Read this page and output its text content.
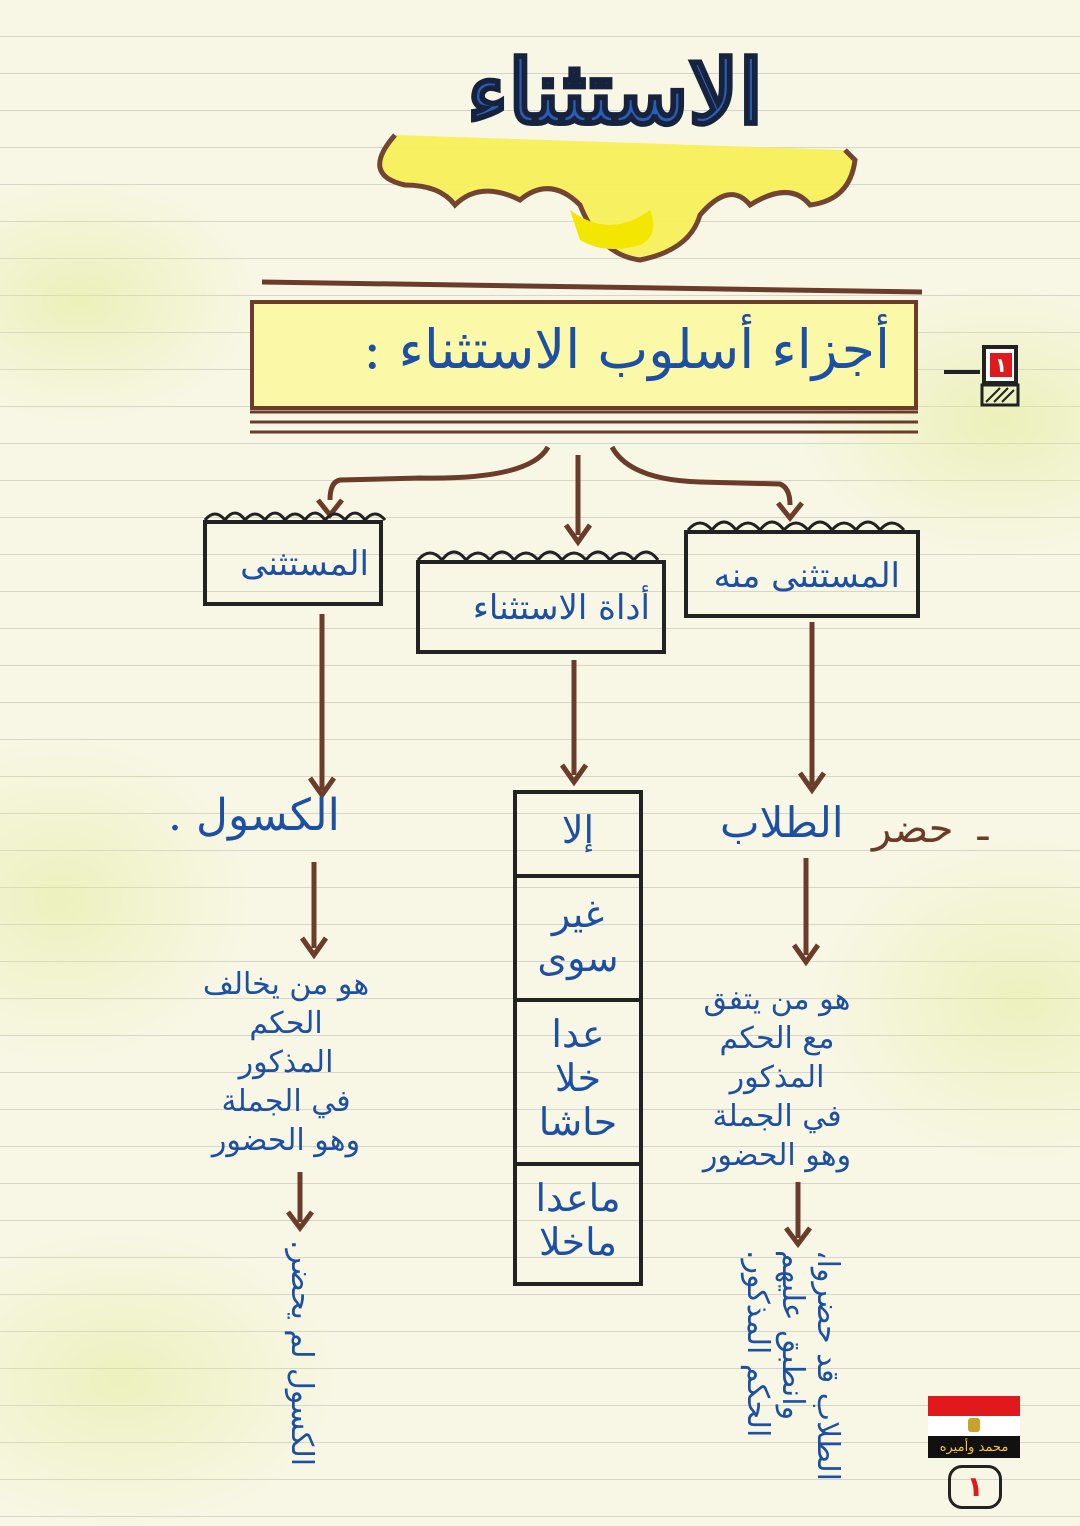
الاستثناء
أجزاء أسلوب الاستثناء :	١
المستثنى منه
أداة الاستثناء
المستثنى
-
حضر
الطلاب
الكسول .	إلا
غير
سوى
عدا
خلا
حاشا
ماعدا
ماخلا
هو من يتفق
مع الحكم
المذكور
في الجملة
وهو الحضور
هو من يخالف
الحكم
المذكور
في الجملة
وهو الحضور
الطلاب قد حضروا،
وانطبق عليهم
الحكم المذكور.
الكسول لم يحضر.	محمد وأميره
١
